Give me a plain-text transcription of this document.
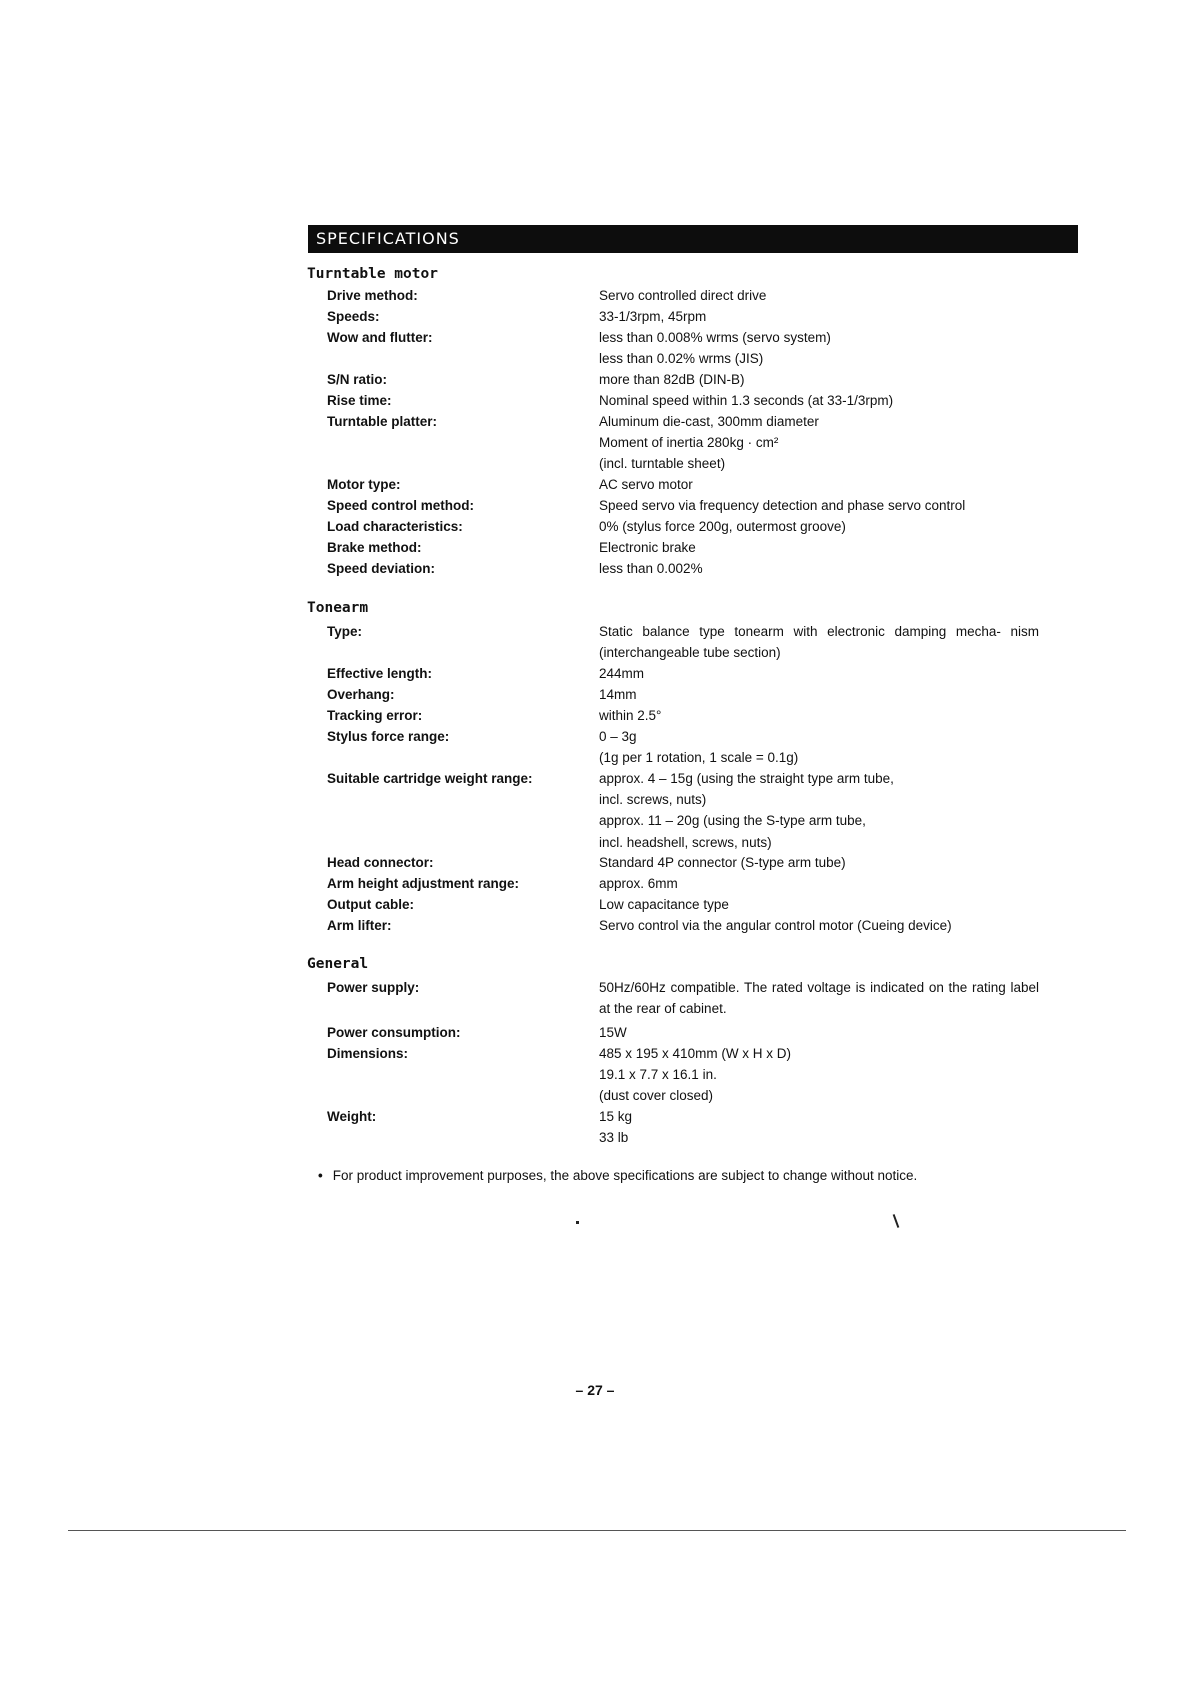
SPECIFICATIONS
Turntable motor
Drive method:	Servo controlled direct drive
Speeds:	33-1/3rpm, 45rpm
Wow and flutter:	less than 0.008% wrms (servo system)
less than 0.02% wrms (JIS)
S/N ratio:	more than 82dB (DIN-B)
Rise time:	Nominal speed within 1.3 seconds (at 33-1/3rpm)
Turntable platter:	Aluminum die-cast, 300mm diameter
Moment of inertia 280kg · cm²
(incl. turntable sheet)
Motor type:	AC servo motor
Speed control method:	Speed servo via frequency detection and phase servo control
Load characteristics:	0% (stylus force 200g, outermost groove)
Brake method:	Electronic brake
Speed deviation:	less than 0.002%
Tonearm
Type:	Static balance type tonearm with electronic damping mecha- nism (interchangeable tube section)
Effective length:	244mm
Overhang:	14mm
Tracking error:	within 2.5°
Stylus force range:	0 – 3g
(1g per 1 rotation, 1 scale = 0.1g)
Suitable cartridge weight range:	approx. 4 – 15g (using the straight type arm tube,
incl. screws, nuts)
approx. 11 – 20g (using the S-type arm tube,
incl. headshell, screws, nuts)
Head connector:	Standard 4P connector (S-type arm tube)
Arm height adjustment range:	approx. 6mm
Output cable:	Low capacitance type
Arm lifter:	Servo control via the angular control motor (Cueing device)
General
Power supply:	50Hz/60Hz compatible. The rated voltage is indicated on the rating label at the rear of cabinet.
Power consumption:	15W
Dimensions:	485 x 195 x 410mm (W x H x D)
19.1 x 7.7 x 16.1 in.
(dust cover closed)
Weight:	15 kg
33 lb
• For product improvement purposes, the above specifications are subject to change without notice.
– 27 –
